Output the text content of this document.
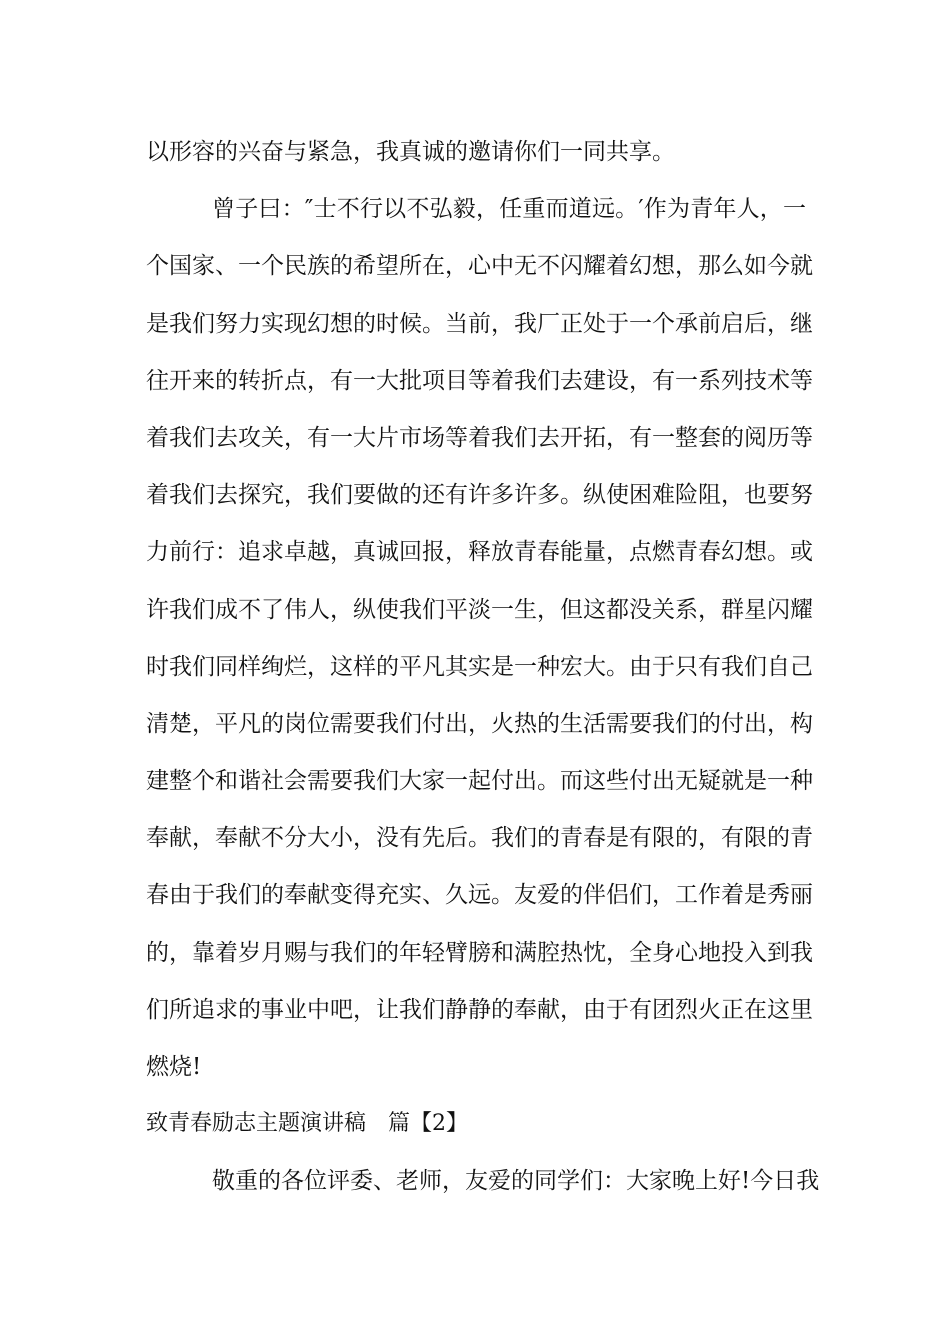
以形容的兴奋与紧急，我真诚的邀请你们一同共享。
曾子曰：″士不行以不弘毅，任重而道远。′作为青年人，一
个国家、一个民族的希望所在，心中无不闪耀着幻想，那么如今就
是我们努力实现幻想的时候。当前，我厂正处于一个承前启后，继
往开来的转折点，有一大批项目等着我们去建设，有一系列技术等
着我们去攻关，有一大片市场等着我们去开拓，有一整套的阅历等
着我们去探究，我们要做的还有许多许多。纵使困难险阻，也要努
力前行：追求卓越，真诚回报，释放青春能量，点燃青春幻想。或
许我们成不了伟人，纵使我们平淡一生，但这都没关系，群星闪耀
时我们同样绚烂，这样的平凡其实是一种宏大。由于只有我们自己
清楚，平凡的岗位需要我们付出，火热的生活需要我们的付出，构
建整个和谐社会需要我们大家一起付出。而这些付出无疑就是一种
奉献，奉献不分大小，没有先后。我们的青春是有限的，有限的青
春由于我们的奉献变得充实、久远。友爱的伴侣们，工作着是秀丽
的，靠着岁月赐与我们的年轻臂膀和满腔热忱，全身心地投入到我
们所追求的事业中吧，让我们静静的奉献，由于有团烈火正在这里
燃烧!
致青春励志主题演讲稿　篇【2】
敬重的各位评委、老师，友爱的同学们：大家晚上好!今日我
